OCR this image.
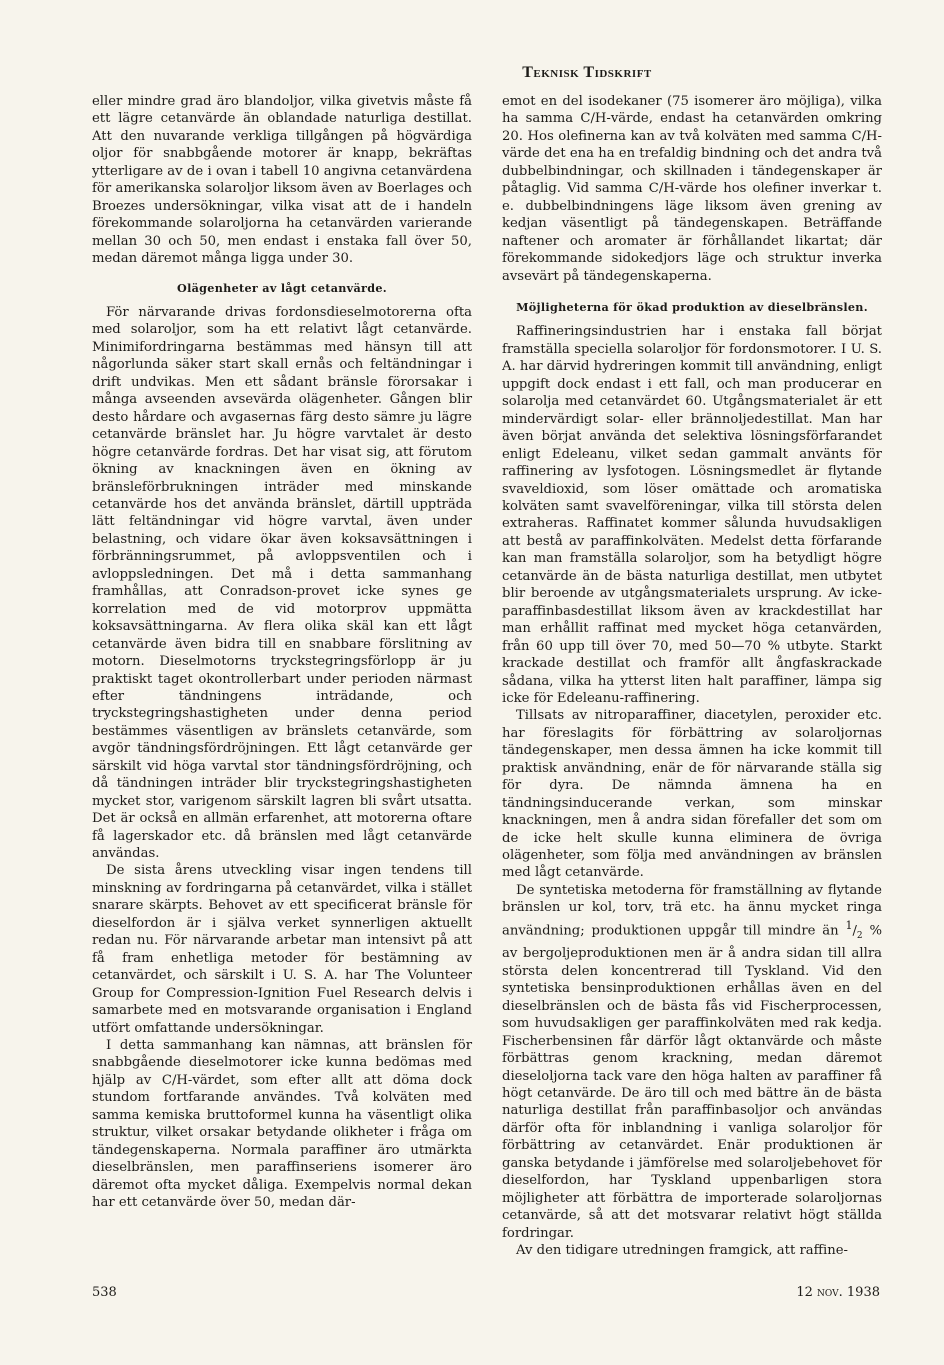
Teknisk Tidskrift

eller mindre grad äro blandoljor, vilka givetvis måste få ett lägre cetanvärde än oblandade naturliga destillat. Att den nuvarande verkliga tillgången på högvärdiga oljor för snabbgående motorer är knapp, bekräftas ytterligare av de i ovan i tabell 10 angivna cetanvärdena för amerikanska solaroljor liksom även av Boerlages och Broezes undersökningar, vilka visat att de i handeln förekommande solaroljorna ha cetanvärden varierande mellan 30 och 50, men endast i enstaka fall över 50, medan däremot många ligga under 30.

Olägenheter av lågt cetanvärde.

För närvarande drivas fordonsdieselmotorerna ofta med solaroljor, som ha ett relativt lågt cetanvärde. Minimifordringarna bestämmas med hänsyn till att någorlunda säker start skall ernås och feltändningar i drift undvikas. Men ett sådant bränsle förorsakar i många avseenden avsevärda olägenheter. Gången blir desto hårdare och avgasernas färg desto sämre ju lägre cetanvärde bränslet har. Ju högre varvtalet är desto högre cetanvärde fordras. Det har visat sig, att förutom ökning av knackningen även en ökning av bränsleförbrukningen inträder med minskande cetanvärde hos det använda bränslet, därtill uppträda lätt feltändningar vid högre varvtal, även under belastning, och vidare ökar även koksavsättningen i förbränningsrummet, på avloppsventilen och i avloppsledningen. Det må i detta sammanhang framhållas, att Conradson-provet icke synes ge korrelation med de vid motorprov uppmätta koksavsättningarna. Av flera olika skäl kan ett lågt cetanvärde även bidra till en snabbare förslitning av motorn. Dieselmotorns tryckstegringsförlopp är ju praktiskt taget okontrollerbart under perioden närmast efter tändningens inträdande, och tryckstegringshastigheten under denna period bestämmes väsentligen av bränslets cetanvärde, som avgör tändningsfördröjningen. Ett lågt cetanvärde ger särskilt vid höga varvtal stor tändningsfördröjning, och då tändningen inträder blir tryckstegringshastigheten mycket stor, varigenom särskilt lagren bli svårt utsatta. Det är också en allmän erfarenhet, att motorerna oftare få lagerskador etc. då bränslen med lågt cetanvärde användas.

De sista årens utveckling visar ingen tendens till minskning av fordringarna på cetanvärdet, vilka i stället snarare skärpts. Behovet av ett specificerat bränsle för dieselfordon är i själva verket synnerligen aktuellt redan nu. För närvarande arbetar man intensivt på att få fram enhetliga metoder för bestämning av cetanvärdet, och särskilt i U. S. A. har The Volunteer Group for Compression-Ignition Fuel Research delvis i samarbete med en motsvarande organisation i England utfört omfattande undersökningar.

I detta sammanhang kan nämnas, att bränslen för snabbgående dieselmotorer icke kunna bedömas med hjälp av C/H-värdet, som efter allt att döma dock stundom fortfarande användes. Två kolväten med samma kemiska bruttoformel kunna ha väsentligt olika struktur, vilket orsakar betydande olikheter i fråga om tändegenskaperna. Normala paraffiner äro utmärkta dieselbränslen, men paraffinseriens isomerer äro däremot ofta mycket dåliga. Exempelvis normal dekan har ett cetanvärde över 50, medan där-

emot en del isodekaner (75 isomerer äro möjliga), vilka ha samma C/H-värde, endast ha cetanvärden omkring 20. Hos olefinerna kan av två kolväten med samma C/H-värde det ena ha en trefaldig bindning och det andra två dubbelbindningar, och skillnaden i tändegenskaper är påtaglig. Vid samma C/H-värde hos olefiner inverkar t. e. dubbelbindningens läge liksom även grening av kedjan väsentligt på tändegenskapen. Beträffande naftener och aromater är förhållandet likartat; där förekommande sidokedjors läge och struktur inverka avsevärt på tändegenskaperna.

Möjligheterna för ökad produktion av dieselbränslen.

Raffineringsindustrien har i enstaka fall börjat framställa speciella solaroljor för fordonsmotorer. I U. S. A. har därvid hydreringen kommit till användning, enligt uppgift dock endast i ett fall, och man producerar en solarolja med cetanvärdet 60. Utgångsmaterialet är ett mindervärdigt solar- eller brännoljedestillat. Man har även börjat använda det selektiva lösningsförfarandet enligt Edeleanu, vilket sedan gammalt använts för raffinering av lysfotogen. Lösningsmedlet är flytande svaveldioxid, som löser omättade och aromatiska kolväten samt svavelföreningar, vilka till största delen extraheras. Raffinatet kommer sålunda huvudsakligen att bestå av paraffinkolväten. Medelst detta förfarande kan man framställa solaroljor, som ha betydligt högre cetanvärde än de bästa naturliga destillat, men utbytet blir beroende av utgångsmaterialets ursprung. Av icke-paraffinbasdestillat liksom även av krackdestillat har man erhållit raffinat med mycket höga cetanvärden, från 60 upp till över 70, med 50—70 % utbyte. Starkt krackade destillat och framför allt ångfaskrackade sådana, vilka ha ytterst liten halt paraffiner, lämpa sig icke för Edeleanu-raffinering.

Tillsats av nitroparaffiner, diacetylen, peroxider etc. har föreslagits för förbättring av solaroljornas tändegenskaper, men dessa ämnen ha icke kommit till praktisk användning, enär de för närvarande ställa sig för dyra. De nämnda ämnena ha en tändningsinducerande verkan, som minskar knackningen, men å andra sidan förefaller det som om de icke helt skulle kunna eliminera de övriga olägenheter, som följa med användningen av bränslen med lågt cetanvärde.

De syntetiska metoderna för framställning av flytande bränslen ur kol, torv, trä etc. ha ännu mycket ringa användning; produktionen uppgår till mindre än $^1/_2$ % av bergoljeproduktionen men är å andra sidan till allra största delen koncentrerad till Tyskland. Vid den syntetiska bensinproduktionen erhållas även en del dieselbränslen och de bästa fås vid Fischerprocessen, som huvudsakligen ger paraffinkolväten med rak kedja. Fischerbensinen får därför lågt oktanvärde och måste förbättras genom krackning, medan däremot dieseloljorna tack vare den höga halten av paraffiner få högt cetanvärde. De äro till och med bättre än de bästa naturliga destillat från paraffinbasoljor och användas därför ofta för inblandning i vanliga solaroljor för förbättring av cetanvärdet. Enär produktionen är ganska betydande i jämförelse med solaroljebehovet för dieselfordon, har Tyskland uppenbarligen stora möjligheter att förbättra de importerade solaroljornas cetanvärde, så att det motsvarar relativt högt ställda fordringar.

Av den tidigare utredningen framgick, att raffine-

538	12 nov. 1938
